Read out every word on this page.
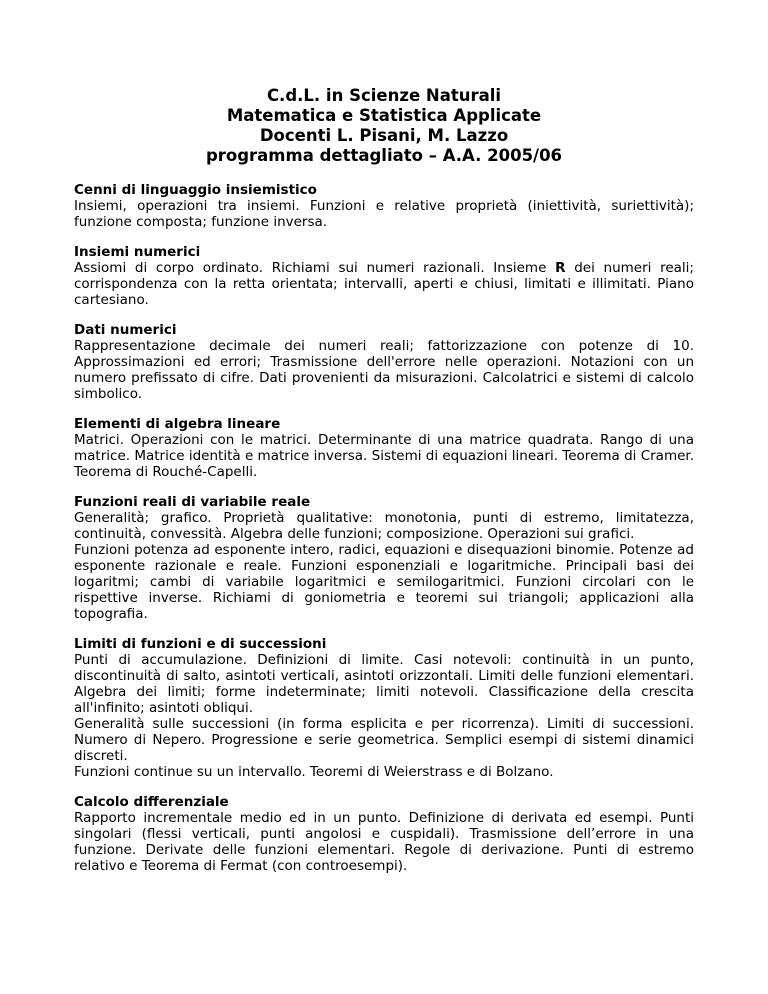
C.d.L. in Scienze Naturali
Matematica e Statistica Applicate
Docenti L. Pisani, M. Lazzo
programma dettagliato – A.A. 2005/06
Cenni di linguaggio insiemistico

Insiemi, operazioni tra insiemi. Funzioni e relative proprietà (iniettività, suriettività); funzione composta; funzione inversa.

Insiemi numerici

Assiomi di corpo ordinato. Richiami sui numeri razionali. Insieme R dei numeri reali; corrispondenza con la retta orientata; intervalli, aperti e chiusi, limitati e illimitati. Piano cartesiano.

Dati numerici

Rappresentazione decimale dei numeri reali; fattorizzazione con potenze di 10. Approssimazioni ed errori; Trasmissione dell'errore nelle operazioni. Notazioni con un numero prefissato di cifre. Dati provenienti da misurazioni. Calcolatrici e sistemi di calcolo simbolico.

Elementi di algebra lineare

Matrici. Operazioni con le matrici. Determinante di una matrice quadrata. Rango di una matrice. Matrice identità e matrice inversa. Sistemi di equazioni lineari. Teorema di Cramer. Teorema di Rouché-Capelli.

Funzioni reali di variabile reale

Generalità; grafico. Proprietà qualitative: monotonia, punti di estremo, limitatezza, continuità, convessità. Algebra delle funzioni; composizione. Operazioni sui grafici.

Funzioni potenza ad esponente intero, radici, equazioni e disequazioni binomie. Potenze ad esponente razionale e reale. Funzioni esponenziali e logaritmiche. Principali basi dei logaritmi; cambi di variabile logaritmici e semilogaritmici. Funzioni circolari con le rispettive inverse. Richiami di goniometria e teoremi sui triangoli; applicazioni alla topografia.

Limiti di funzioni e di successioni

Punti di accumulazione. Definizioni di limite. Casi notevoli: continuità in un punto, discontinuità di salto, asintoti verticali, asintoti orizzontali. Limiti delle funzioni elementari. Algebra dei limiti; forme indeterminate; limiti notevoli. Classificazione della crescita all'infinito; asintoti obliqui.

Generalità sulle successioni (in forma esplicita e per ricorrenza). Limiti di successioni. Numero di Nepero. Progressione e serie geometrica. Semplici esempi di sistemi dinamici discreti.

Funzioni continue su un intervallo. Teoremi di Weierstrass e di Bolzano.

Calcolo differenziale

Rapporto incrementale medio ed in un punto. Definizione di derivata ed esempi. Punti singolari (flessi verticali, punti angolosi e cuspidali). Trasmissione dell’errore in una funzione. Derivate delle funzioni elementari. Regole di derivazione. Punti di estremo relativo e Teorema di Fermat (con controesempi).
